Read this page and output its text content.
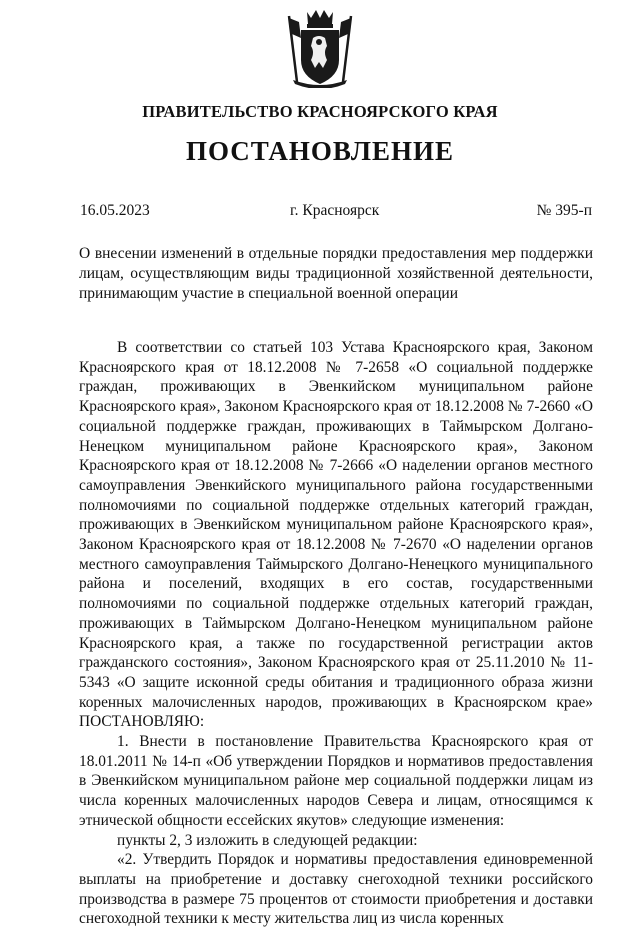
ПРАВИТЕЛЬСТВО КРАСНОЯРСКОГО КРАЯ
ПОСТАНОВЛЕНИЕ
16.05.2023	г. Красноярск	№ 395-п
О внесении изменений в отдельные порядки предоставления мер поддержки лицам, осуществляющим виды традиционной хозяйственной деятельности, принимающим участие в специальной военной операции

В соответствии со статьей 103 Устава Красноярского края, Законом Красноярского края от 18.12.2008 № 7-2658 «О социальной поддержке граждан, проживающих в Эвенкийском муниципальном районе Красноярского края», Законом Красноярского края от 18.12.2008 № 7-2660 «О социальной поддержке граждан, проживающих в Таймырском Долгано-Ненецком муниципальном районе Красноярского края», Законом Красноярского края от 18.12.2008 № 7-2666 «О наделении органов местного самоуправления Эвенкийского муниципального района государственными полномочиями по социальной поддержке отдельных категорий граждан, проживающих в Эвенкийском муниципальном районе Красноярского края», Законом Красноярского края от 18.12.2008 № 7-2670 «О наделении органов местного самоуправления Таймырского Долгано-Ненецкого муниципального района и поселений, входящих в его состав, государственными полномочиями по социальной поддержке отдельных категорий граждан, проживающих в Таймырском Долгано-Ненецком муниципальном районе Красноярского края, а также по государственной регистрации актов гражданского состояния», Законом Красноярского края от 25.11.2010 № 11-5343 «О защите исконной среды обитания и традиционного образа жизни коренных малочисленных народов, проживающих в Красноярском крае» ПОСТАНОВЛЯЮ:

1. Внести в постановление Правительства Красноярского края от 18.01.2011 № 14-п «Об утверждении Порядков и нормативов предоставления в Эвенкийском муниципальном районе мер социальной поддержки лицам из числа коренных малочисленных народов Севера и лицам, относящимся к этнической общности ессейских якутов» следующие изменения:

пункты 2, 3 изложить в следующей редакции:

«2. Утвердить Порядок и нормативы предоставления единовременной выплаты на приобретение и доставку снегоходной техники российского производства в размере 75 процентов от стоимости приобретения и доставки снегоходной техники к месту жительства лиц из числа коренных
